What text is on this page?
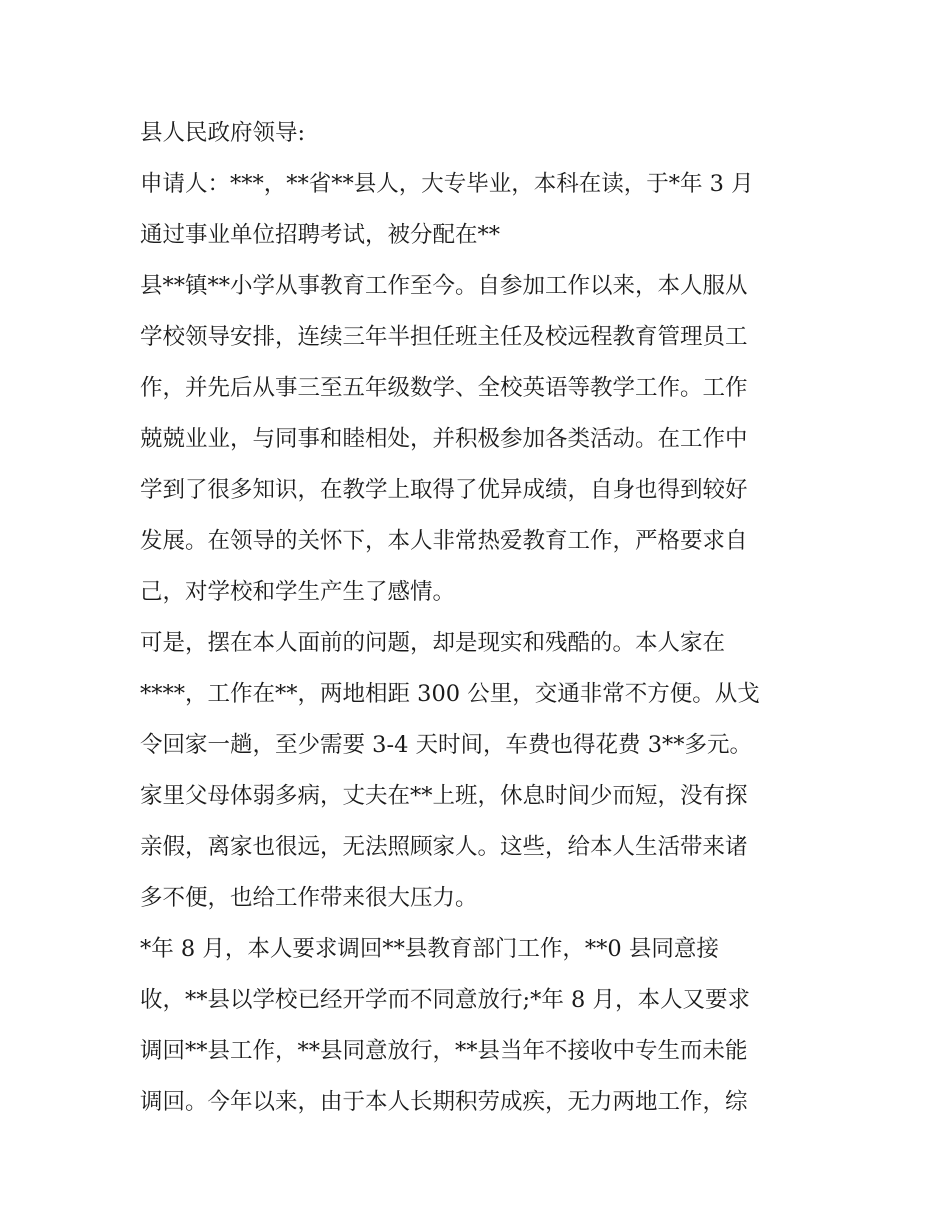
县人民政府领导:
申请人：***，**省**县人，大专毕业，本科在读，于*年 3 月
通过事业单位招聘考试，被分配在**
县**镇**小学从事教育工作至今。自参加工作以来，本人服从
学校领导安排，连续三年半担任班主任及校远程教育管理员工
作，并先后从事三至五年级数学、全校英语等教学工作。工作
兢兢业业，与同事和睦相处，并积极参加各类活动。在工作中
学到了很多知识，在教学上取得了优异成绩，自身也得到较好
发展。在领导的关怀下，本人非常热爱教育工作，严格要求自
己，对学校和学生产生了感情。
可是，摆在本人面前的问题，却是现实和残酷的。本人家在
****，工作在**，两地相距 300 公里，交通非常不方便。从戈
令回家一趟，至少需要 3-4 天时间，车费也得花费 3**多元。
家里父母体弱多病，丈夫在**上班，休息时间少而短，没有探
亲假，离家也很远，无法照顾家人。这些，给本人生活带来诸
多不便，也给工作带来很大压力。
*年 8 月，本人要求调回**县教育部门工作，**0 县同意接
收，**县以学校已经开学而不同意放行;*年 8 月，本人又要求
调回**县工作，**县同意放行，**县当年不接收中专生而未能
调回。今年以来，由于本人长期积劳成疾，无力两地工作，综
